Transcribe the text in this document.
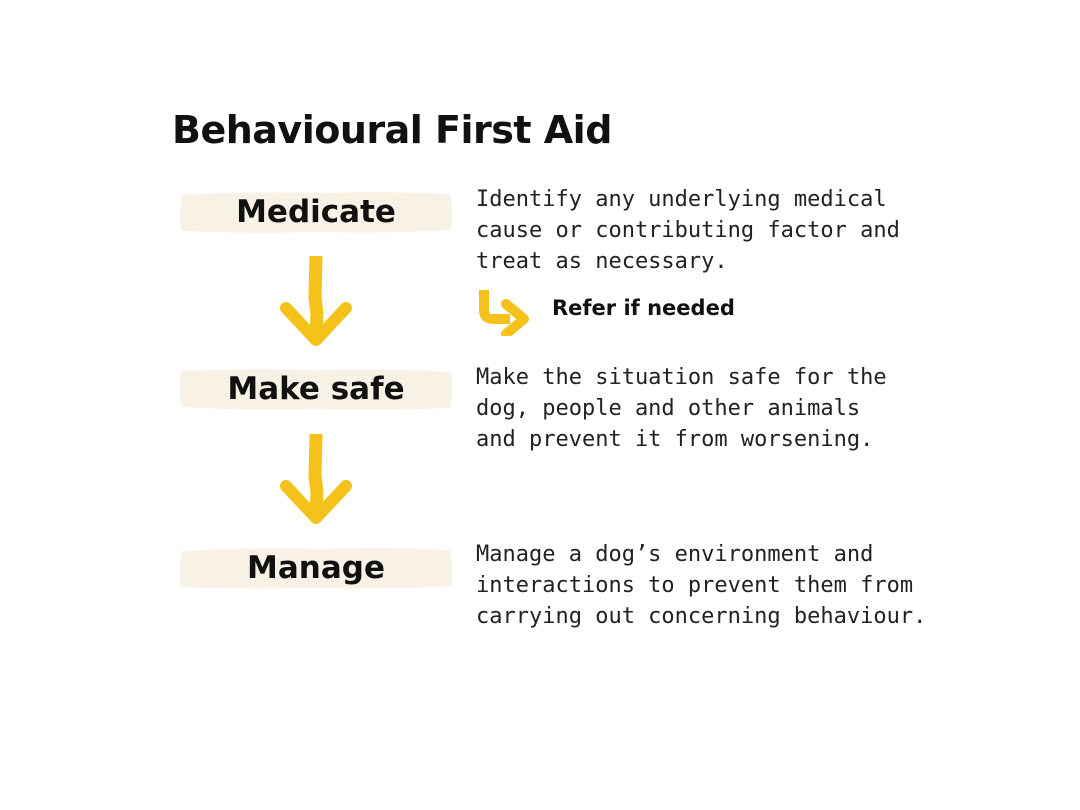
Behavioural First Aid
Medicate	Identify any underlying medical
cause or contributing factor and
treat as necessary.

Refer if needed
Make safe	Make the situation safe for the
dog, people and other animals
and prevent it from worsening.

Manage	Manage a dog’s environment and
interactions to prevent them from
carrying out concerning behaviour.
